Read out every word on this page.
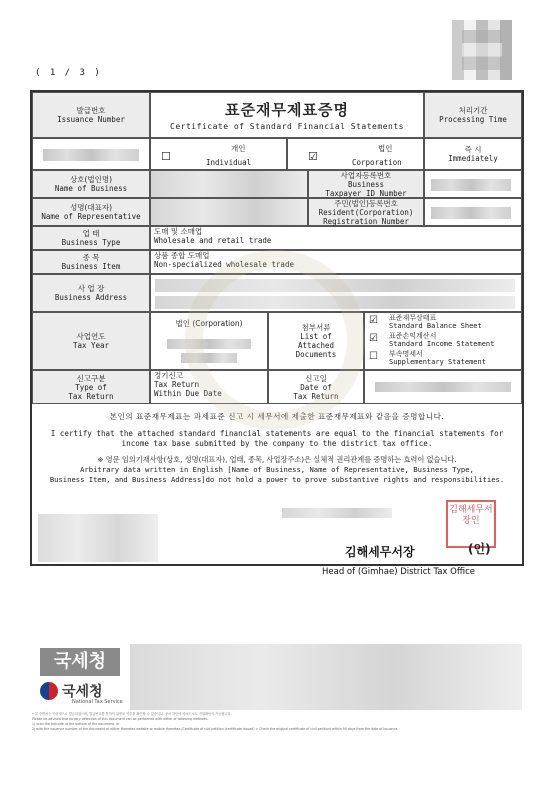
( 1 / 3 )
발급번호
Issuance Number
표준재무제표증명
Certificate of Standard Financial Statements
처리기간
Processing Time
☐
개인
Individual	☑
법인
Corporation
즉 시
Immediately
상호(법인명)
Name of Business
사업자등록번호
Business
Taxpayer ID Number
성명(대표자)
Name of Representative
주민(법인)등록번호
Resident(Corporation)
Registration Number
업 태
Business Type
도매 및 소매업
Wholesale and retail trade
종 목
Business Item
상품 종합 도매업
Non-specialized wholesale trade
사 업 장
Business Address
사업연도
Tax Year
법인 (Corporation)	첨부서류
List of
Attached
Documents
☑ 표준재무상태표
Standard Balance Sheet
☑ 표준손익계산서
Standard Income Statement
☐ 부속명세서
Supplementary Statement
신고구분
Type of
Tax Return
정기신고
Tax Return
Within Due Date
신고일
Date of
Tax Return
본인의 표준재무제표는 과세표준 신고 시 세무서에 제출한 표준재무제표와 같음을 증명합니다.
I certify that the attached standard financial statements are equal to the financial statements for
income tax base submitted by the company to the district tax office.
※ 영문 임의기재사항(상호, 성명(대표자), 업태, 종목, 사업장주소)은 실체적 권리관계를 증명하는 효력이 없습니다.
Arbitrary data written in English [Name of Business, Name of Representative, Business Type,
Business Item, and Business Address]do not hold a power to prove substantive rights and responsibilities.
김해세무서장
Head of (Gimhae) District Tax Office
김해세무서장인
(인)
국세청
국세청
National Tax Service
• 본 증명서는 인터넷으로 발급되었으며, 발급번호를 통하여 위변조 여부를 확인할 수 있습니다. 문서 하단의 바코드로도 진위확인이 가능합니다.
Please be advised that forgery detection of this document can be performed with either of following methods.
1) scan the barcode at the bottom of the document, or
2) with the issuance number of the document at either Hometax website or mobile Hometax (Certificate of civil petition (certificate issued) > Check the original certificate of civil petition) within 90 days from the date of issuance.
